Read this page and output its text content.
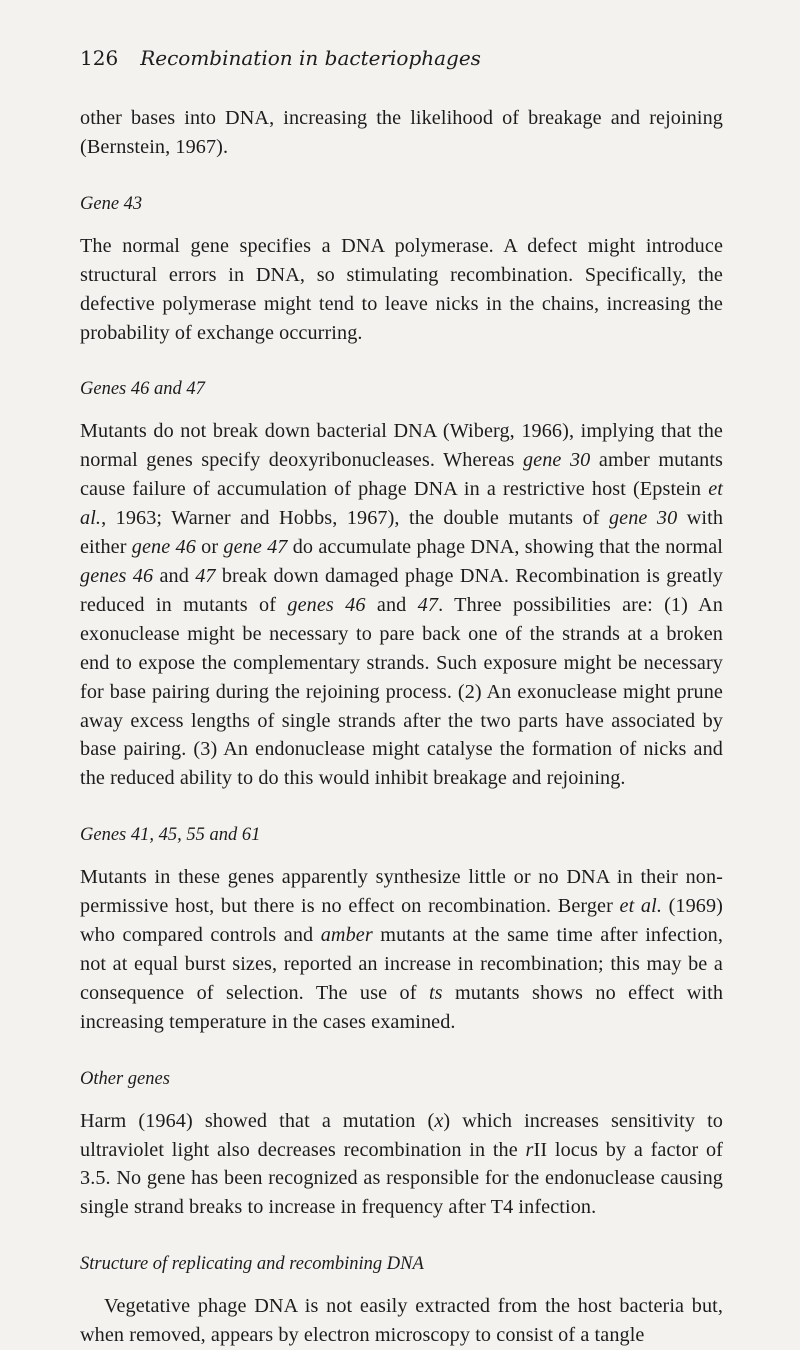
126 Recombination in bacteriophages

other bases into DNA, increasing the likelihood of breakage and rejoining (Bernstein, 1967).

Gene 43

The normal gene specifies a DNA polymerase. A defect might introduce structural errors in DNA, so stimulating recombination. Specifically, the defective polymerase might tend to leave nicks in the chains, increasing the probability of exchange occurring.

Genes 46 and 47

Mutants do not break down bacterial DNA (Wiberg, 1966), implying that the normal genes specify deoxyribonucleases. Whereas gene 30 amber mutants cause failure of accumulation of phage DNA in a restrictive host (Epstein et al., 1963; Warner and Hobbs, 1967), the double mutants of gene 30 with either gene 46 or gene 47 do accumulate phage DNA, showing that the normal genes 46 and 47 break down damaged phage DNA. Recombination is greatly reduced in mutants of genes 46 and 47. Three possibilities are: (1) An exonuclease might be necessary to pare back one of the strands at a broken end to expose the complementary strands. Such exposure might be necessary for base pairing during the rejoining process. (2) An exonuclease might prune away excess lengths of single strands after the two parts have associated by base pairing. (3) An endonuclease might catalyse the formation of nicks and the reduced ability to do this would inhibit breakage and rejoining.

Genes 41, 45, 55 and 61

Mutants in these genes apparently synthesize little or no DNA in their non-permissive host, but there is no effect on recombination. Berger et al. (1969) who compared controls and amber mutants at the same time after infection, not at equal burst sizes, reported an increase in recombination; this may be a consequence of selection. The use of ts mutants shows no effect with increasing temperature in the cases examined.

Other genes

Harm (1964) showed that a mutation (x) which increases sensitivity to ultraviolet light also decreases recombination in the rII locus by a factor of 3.5. No gene has been recognized as responsible for the endonuclease causing single strand breaks to increase in frequency after T4 infection.

Structure of replicating and recombining DNA

Vegetative phage DNA is not easily extracted from the host bacteria but, when removed, appears by electron microscopy to consist of a tangle
